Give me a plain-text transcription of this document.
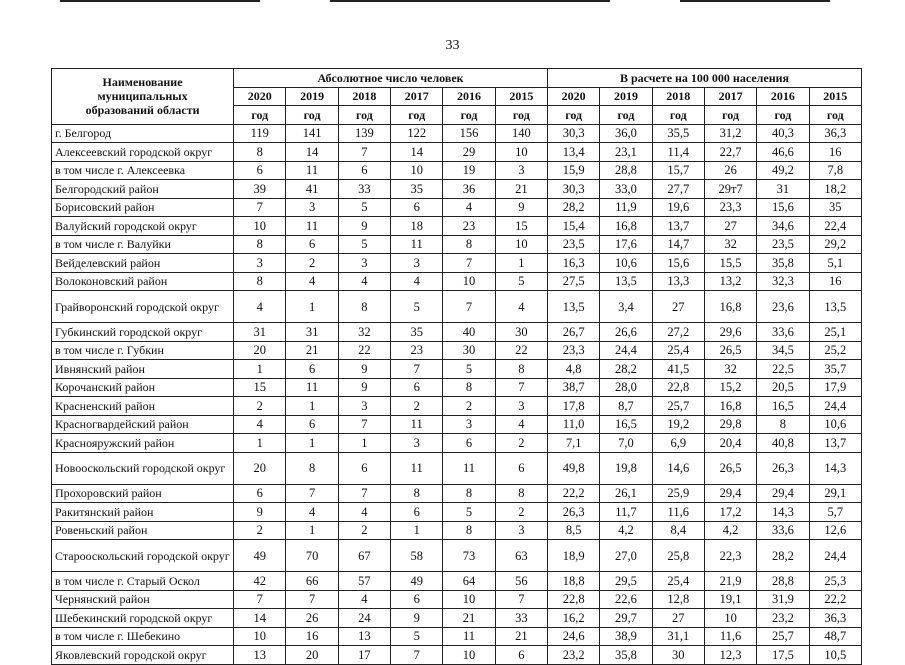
33
Наименование
муниципальных
образований области	Абсолютное число человек						В расчете на 100 000 населения					
	2020	2019	2018	2017	2016	2015	2020	2019	2018	2017	2016	2015
	год	год	год	год	год	год	год	год	год	год	год	год
г. Белгород	119	141	139	122	156	140	30,3	36,0	35,5	31,2	40,3	36,3
Алексеевский городской округ	8	14	7	14	29	10	13,4	23,1	11,4	22,7	46,6	16
в том числе г. Алексеевка	6	11	6	10	19	3	15,9	28,8	15,7	26	49,2	7,8
Белгородский район	39	41	33	35	36	21	30,3	33,0	27,7	29т7	31	18,2
Борисовский район	7	3	5	6	4	9	28,2	11,9	19,6	23,3	15,6	35
Валуйский городской округ	10	11	9	18	23	15	15,4	16,8	13,7	27	34,6	22,4
в том числе г. Валуйки	8	6	5	11	8	10	23,5	17,6	14,7	32	23,5	29,2
Вейделевский район	3	2	3	3	7	1	16,3	10,6	15,6	15,5	35,8	5,1
Волоконовский район	8	4	4	4	10	5	27,5	13,5	13,3	13,2	32,3	16
Грайворонский городской округ	4	1	8	5	7	4	13,5	3,4	27	16,8	23,6	13,5
Губкинский городской округ	31	31	32	35	40	30	26,7	26,6	27,2	29,6	33,6	25,1
в том числе г. Губкин	20	21	22	23	30	22	23,3	24,4	25,4	26,5	34,5	25,2
Ивнянский район	1	6	9	7	5	8	4,8	28,2	41,5	32	22,5	35,7
Корочанский район	15	11	9	6	8	7	38,7	28,0	22,8	15,2	20,5	17,9
Красненский район	2	1	3	2	2	3	17,8	8,7	25,7	16,8	16,5	24,4
Красногвардейский район	4	6	7	11	3	4	11,0	16,5	19,2	29,8	8	10,6
Краснояружский район	1	1	1	3	6	2	7,1	7,0	6,9	20,4	40,8	13,7
Новооскольский городской округ	20	8	6	11	11	6	49,8	19,8	14,6	26,5	26,3	14,3
Прохоровский район	6	7	7	8	8	8	22,2	26,1	25,9	29,4	29,4	29,1
Ракитянский район	9	4	4	6	5	2	26,3	11,7	11,6	17,2	14,3	5,7
Ровеньский район	2	1	2	1	8	3	8,5	4,2	8,4	4,2	33,6	12,6
Старооскольский городской округ	49	70	67	58	73	63	18,9	27,0	25,8	22,3	28,2	24,4
в том числе г. Старый Оскол	42	66	57	49	64	56	18,8	29,5	25,4	21,9	28,8	25,3
Чернянский район	7	7	4	6	10	7	22,8	22,6	12,8	19,1	31,9	22,2
Шебекинский городской округ	14	26	24	9	21	33	16,2	29,7	27	10	23,2	36,3
в том числе г. Шебекино	10	16	13	5	11	21	24,6	38,9	31,1	11,6	25,7	48,7
Яковлевский городской округ	13	20	17	7	10	6	23,2	35,8	30	12,3	17,5	10,5
